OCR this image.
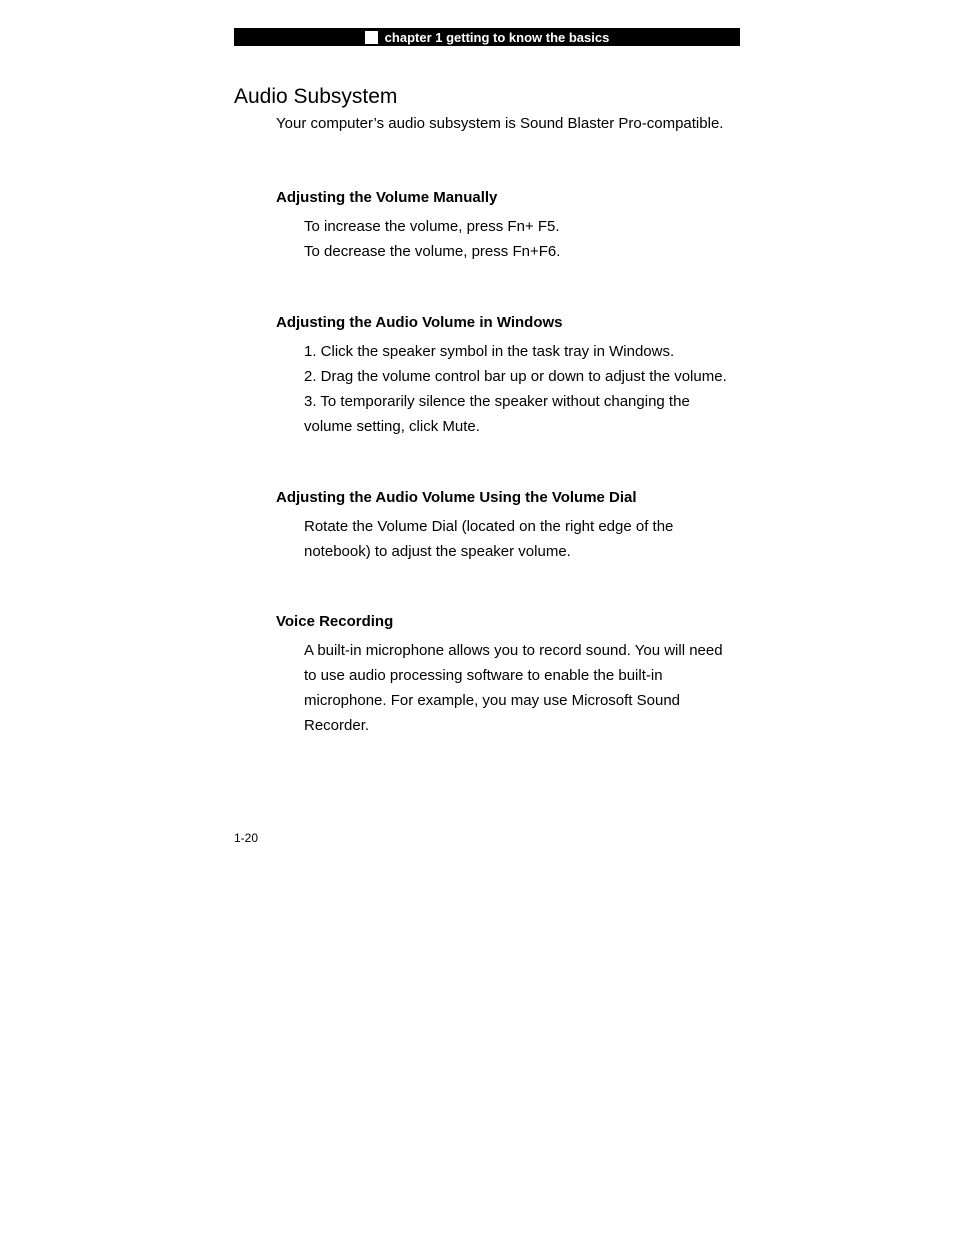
chapter 1 getting to know the basics
Audio Subsystem

Your computer’s audio subsystem is Sound Blaster Pro-compatible.

Adjusting the Volume Manually

To increase the volume, press Fn+ F5.

To decrease the volume, press Fn+F6.

Adjusting the Audio Volume in Windows

1. Click the speaker symbol in the task tray in Windows.

2. Drag the volume control bar up or down to adjust the volume.

3. To temporarily silence the speaker without changing the

volume setting, click Mute.

Adjusting the Audio Volume Using the Volume Dial

Rotate the Volume Dial (located on the right edge of the

notebook) to adjust the speaker volume.

Voice Recording

A built-in microphone allows you to record sound. You will need

to use audio processing software to enable the built-in

microphone. For example, you may use Microsoft Sound

Recorder.

1-20
